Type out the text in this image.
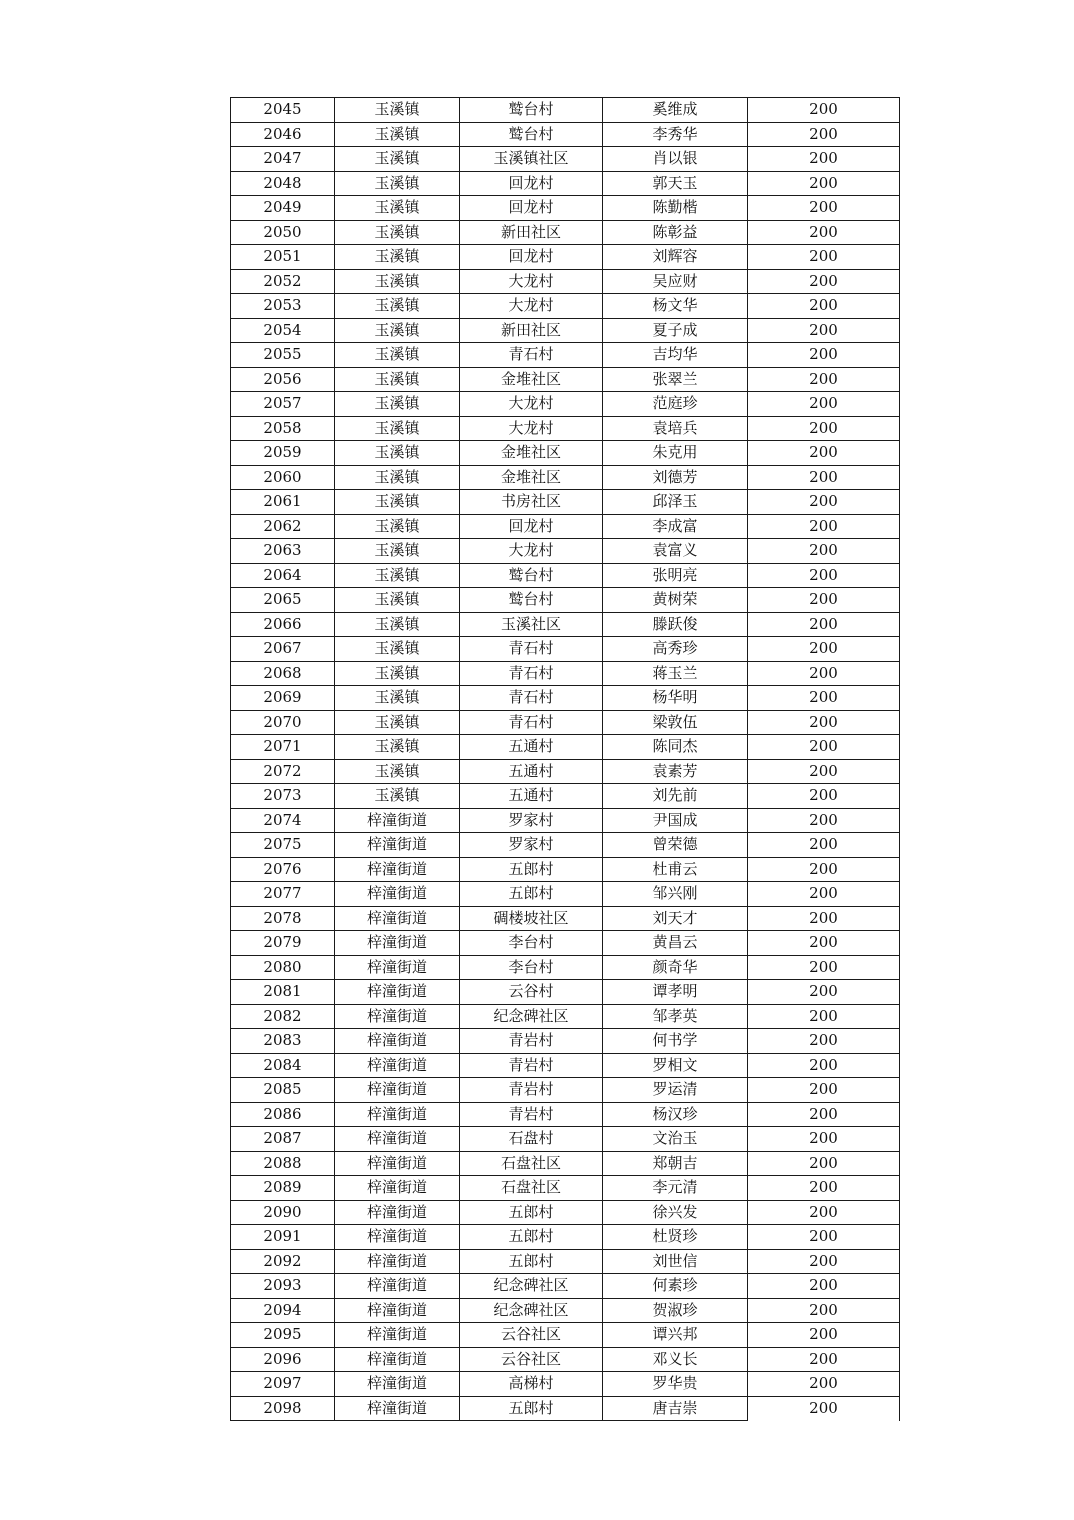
2045	玉溪镇	鹫台村	奚维成	200
2046	玉溪镇	鹫台村	李秀华	200
2047	玉溪镇	玉溪镇社区	肖以银	200
2048	玉溪镇	回龙村	郭天玉	200
2049	玉溪镇	回龙村	陈勤楷	200
2050	玉溪镇	新田社区	陈彰益	200
2051	玉溪镇	回龙村	刘辉容	200
2052	玉溪镇	大龙村	吴应财	200
2053	玉溪镇	大龙村	杨文华	200
2054	玉溪镇	新田社区	夏子成	200
2055	玉溪镇	青石村	吉均华	200
2056	玉溪镇	金堆社区	张翠兰	200
2057	玉溪镇	大龙村	范庭珍	200
2058	玉溪镇	大龙村	袁培兵	200
2059	玉溪镇	金堆社区	朱克用	200
2060	玉溪镇	金堆社区	刘德芳	200
2061	玉溪镇	书房社区	邱泽玉	200
2062	玉溪镇	回龙村	李成富	200
2063	玉溪镇	大龙村	袁富义	200
2064	玉溪镇	鹫台村	张明亮	200
2065	玉溪镇	鹫台村	黄树荣	200
2066	玉溪镇	玉溪社区	滕跃俊	200
2067	玉溪镇	青石村	高秀珍	200
2068	玉溪镇	青石村	蒋玉兰	200
2069	玉溪镇	青石村	杨华明	200
2070	玉溪镇	青石村	梁敦伍	200
2071	玉溪镇	五通村	陈同杰	200
2072	玉溪镇	五通村	袁素芳	200
2073	玉溪镇	五通村	刘先前	200
2074	梓潼街道	罗家村	尹国成	200
2075	梓潼街道	罗家村	曾荣德	200
2076	梓潼街道	五郎村	杜甫云	200
2077	梓潼街道	五郎村	邹兴刚	200
2078	梓潼街道	碉楼坡社区	刘天才	200
2079	梓潼街道	李台村	黄昌云	200
2080	梓潼街道	李台村	颜奇华	200
2081	梓潼街道	云谷村	谭孝明	200
2082	梓潼街道	纪念碑社区	邹孝英	200
2083	梓潼街道	青岩村	何书学	200
2084	梓潼街道	青岩村	罗相文	200
2085	梓潼街道	青岩村	罗运清	200
2086	梓潼街道	青岩村	杨汉珍	200
2087	梓潼街道	石盘村	文治玉	200
2088	梓潼街道	石盘社区	郑朝吉	200
2089	梓潼街道	石盘社区	李元清	200
2090	梓潼街道	五郎村	徐兴发	200
2091	梓潼街道	五郎村	杜贤珍	200
2092	梓潼街道	五郎村	刘世信	200
2093	梓潼街道	纪念碑社区	何素珍	200
2094	梓潼街道	纪念碑社区	贺淑珍	200
2095	梓潼街道	云谷社区	谭兴邦	200
2096	梓潼街道	云谷社区	邓义长	200
2097	梓潼街道	高梯村	罗华贵	200
2098	梓潼街道	五郎村	唐吉崇	200
